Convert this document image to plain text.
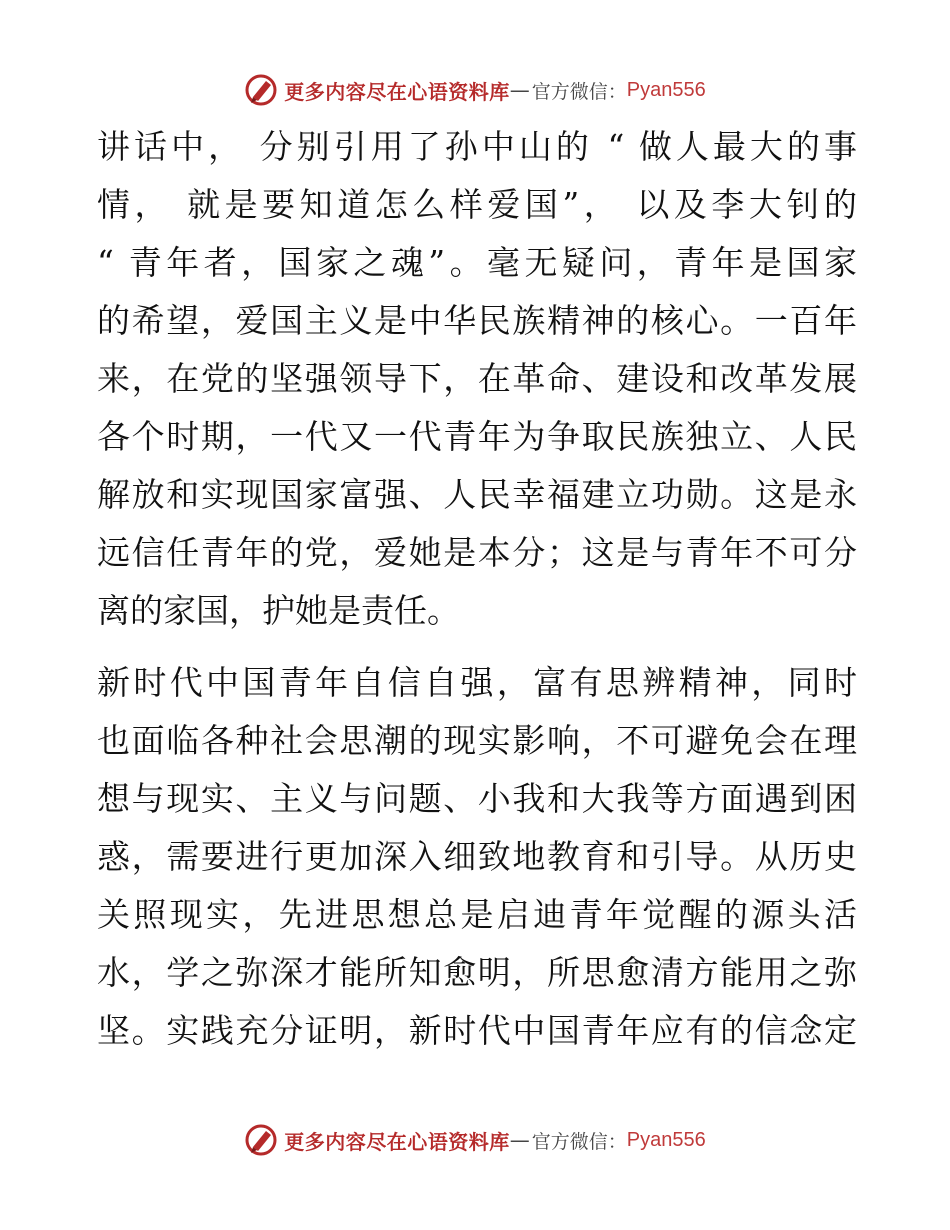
更多内容尽在心语资料库 — 官方微信： Pyan556
讲话中， 分别引用了孙中山的 “ 做人最大的事
情， 就是要知道怎么样爱国”， 以及李大钊的
“ 青年者，国家之魂”。毫无疑问，青年是国家
的希望，爱国主义是中华民族精神的核心。一百年
来，在党的坚强领导下，在革命、建设和改革发展
各个时期，一代又一代青年为争取民族独立、人民
解放和实现国家富强、人民幸福建立功勋。这是永
远信任青年的党，爱她是本分；这是与青年不可分
离的家国，护她是责任。
新时代中国青年自信自强，富有思辨精神，同时
也面临各种社会思潮的现实影响，不可避免会在理
想与现实、主义与问题、小我和大我等方面遇到困
惑，需要进行更加深入细致地教育和引导。从历史
关照现实，先进思想总是启迪青年觉醒的源头活
水，学之弥深才能所知愈明，所思愈清方能用之弥
坚。实践充分证明，新时代中国青年应有的信念定
更多内容尽在心语资料库 — 官方微信： Pyan556
